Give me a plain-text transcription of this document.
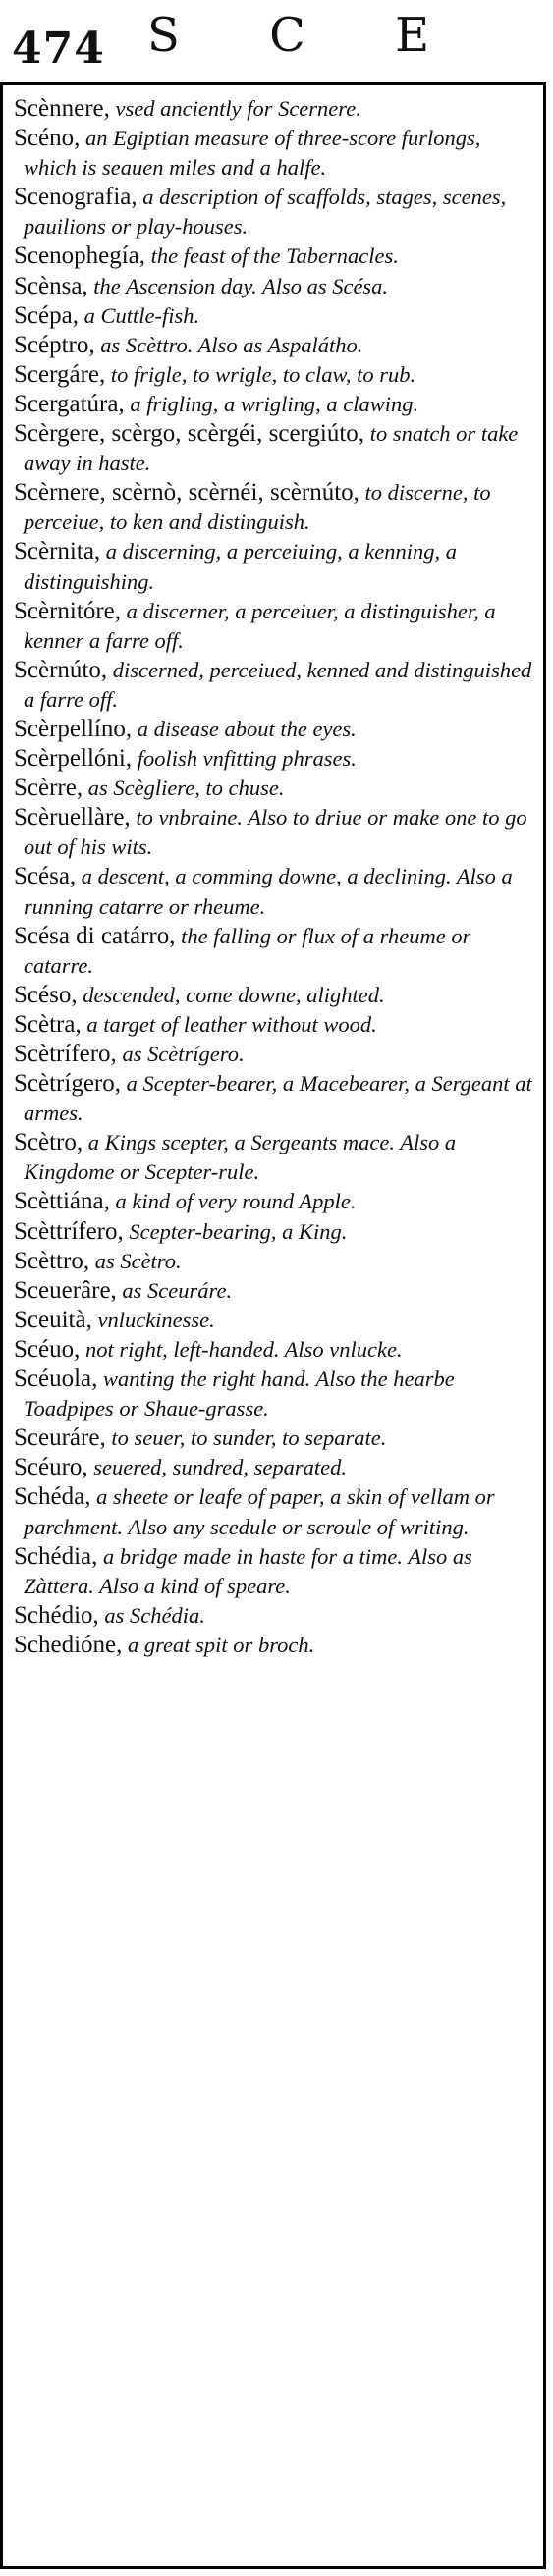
474 S C E

Scènnere, vsed anciently for Scernere.

Scéno, an Egiptian measure of three-score furlongs, which is seauen miles and a halfe.

Scenografia, a description of scaffolds, stages, scenes, pauilions or play-houses.

Scenophegía, the feast of the Tabernacles.

Scènsa, the Ascension day. Also as Scésa.

Scépa, a Cuttle-fish.

Scéptro, as Scèttro. Also as Aspalátho.

Scergáre, to frigle, to wrigle, to claw, to rub.

Scergatúra, a frigling, a wrigling, a clawing.

Scèrgere, scèrgo, scèrgéi, scergiúto, to snatch or take away in haste.

Scèrnere, scèrnò, scèrnéi, scèrnúto, to discerne, to perceiue, to ken and distinguish.

Scèrnita, a discerning, a perceiuing, a kenning, a distinguishing.

Scèrnitóre, a discerner, a perceiuer, a distinguisher, a kenner a farre off.

Scèrnúto, discerned, perceiued, kenned and distinguished a farre off.

Scèrpellíno, a disease about the eyes.

Scèrpellóni, foolish vnfitting phrases.

Scèrre, as Scègliere, to chuse.

Scèruellàre, to vnbraine. Also to driue or make one to go out of his wits.

Scésa, a descent, a comming downe, a declining. Also a running catarre or rheume.

Scésa di catárro, the falling or flux of a rheume or catarre.

Scéso, descended, come downe, alighted.

Scètra, a target of leather without wood.

Scètrífero, as Scètrígero.

Scètrígero, a Scepter-bearer, a Macebearer, a Sergeant at armes.

Scètro, a Kings scepter, a Sergeants mace. Also a Kingdome or Scepter-rule.

Scèttiána, a kind of very round Apple.

Scèttrífero, Scepter-bearing, a King.

Scèttro, as Scètro.

Sceuerâre, as Sceuráre.

Sceuità, vnluckinesse.

Scéuo, not right, left-handed. Also vnlucke.

Scéuola, wanting the right hand. Also the hearbe Toadpipes or Shaue-grasse.

Sceuráre, to seuer, to sunder, to separate.

Scéuro, seuered, sundred, separated.

Schéda, a sheete or leafe of paper, a skin of vellam or parchment. Also any scedule or scroule of writing.

Schédia, a bridge made in haste for a time. Also as Zàttera. Also a kind of speare.

Schédio, as Schédia.

Schedióne, a great spit or broch.
